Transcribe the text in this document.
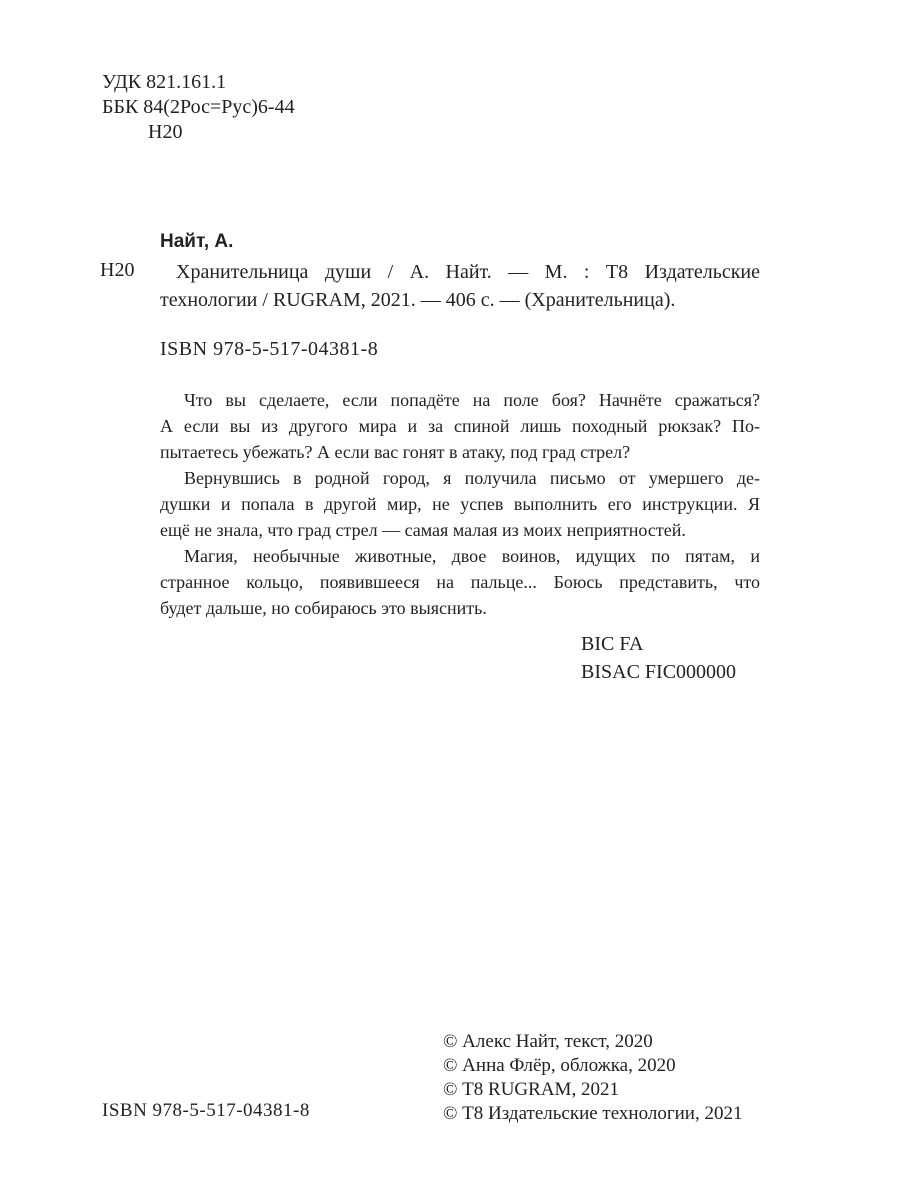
УДК 821.161.1
ББК 84(2Рос=Рус)6-44
Н20
Найт, А.
Н20	Хранительница души / А. Найт. — М. : Т8 Издательские
технологии / RUGRAM, 2021. — 406 с. — (Хранительница).
ISBN 978-5-517-04381-8

Что вы сделаете, если попадёте на поле боя? Начнёте сражаться?
А если вы из другого мира и за спиной лишь походный рюкзак? По-
пытаетесь убежать? А если вас гонят в атаку, под град стрел?

Вернувшись в родной город, я получила письмо от умершего де-
душки и попала в другой мир, не успев выполнить его инструкции. Я
ещё не знала, что град стрел — самая малая из моих неприятностей.

Магия, необычные животные, двое воинов, идущих по пятам, и
странное кольцо, появившееся на пальце... Боюсь представить, что
будет дальше, но собираюсь это выяснить.

BIC FA
BISAC FIC000000
© Алекс Найт, текст, 2020
© Анна Флёр, обложка, 2020
© Т8 RUGRAM, 2021
© Т8 Издательские технологии, 2021
ISBN 978-5-517-04381-8
